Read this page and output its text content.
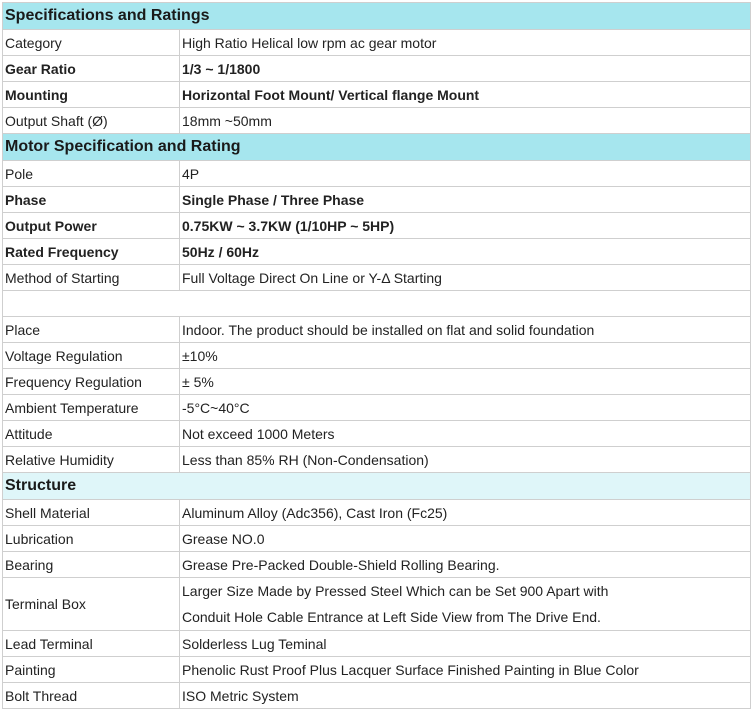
Specifications and Ratings	
Category	High Ratio Helical low rpm ac gear motor
Gear Ratio	1/3 ~ 1/1800
Mounting	Horizontal Foot Mount/ Vertical flange Mount
Output Shaft (Ø)	18mm ~50mm
Motor Specification and Rating	
Pole	4P
Phase	Single Phase / Three Phase
Output Power	0.75KW ~ 3.7KW (1/10HP ~ 5HP)
Rated Frequency	50Hz / 60Hz
Method of Starting	Full Voltage Direct On Line or Y-Δ Starting

Place	Indoor. The product should be installed on flat and solid foundation
Voltage Regulation	±10%
Frequency Regulation	± 5%
Ambient Temperature	-5°C~40°C
Attitude	Not exceed 1000 Meters
Relative Humidity	Less than 85% RH (Non-Condensation)
Structure	
Shell Material	Aluminum Alloy (Adc356), Cast Iron (Fc25)
Lubrication	Grease NO.0
Bearing	Grease Pre-Packed Double-Shield Rolling Bearing.
Terminal Box	Larger Size Made by Pressed Steel Which can be Set 900 Apart with
Conduit Hole Cable Entrance at Left Side View from The Drive End.

Lead Terminal	Solderless Lug Teminal
Painting	Phenolic Rust Proof Plus Lacquer Surface Finished Painting in Blue Color
Bolt Thread	ISO Metric System
